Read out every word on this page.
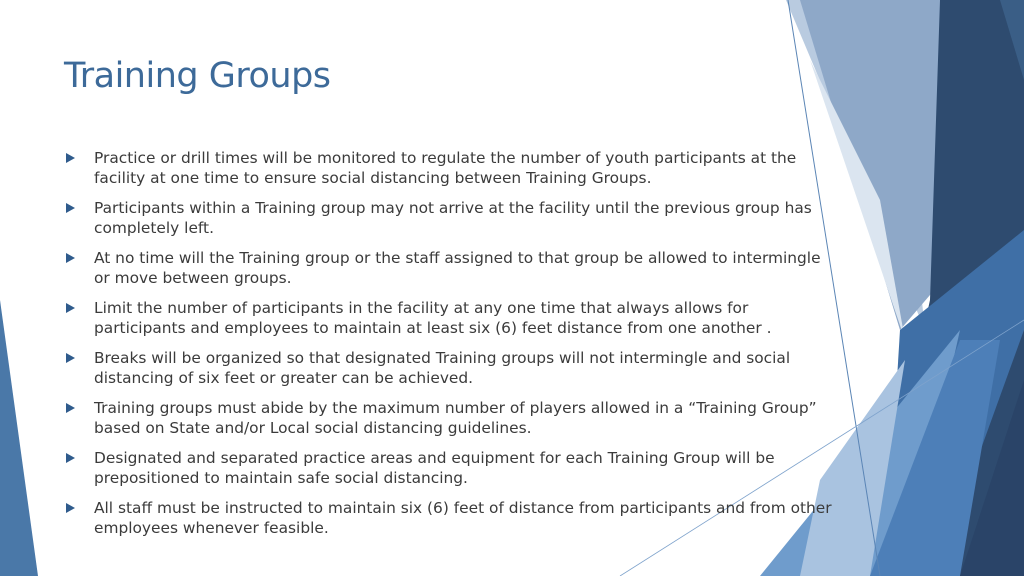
Training Groups
Practice or drill times will be monitored to regulate the number of youth participants at the facility at one time to ensure social distancing between Training Groups.
Participants within a Training group may not arrive at the facility until the previous group has completely left.
At no time will the Training group or the staff assigned to that group be allowed to intermingle or move between groups.
Limit the number of participants in the facility at any one time that always allows for participants and employees to maintain at least six (6) feet distance from one another .
Breaks will be organized so that designated Training groups will not intermingle and social distancing of six feet or greater can be achieved.
Training groups must abide by the maximum number of players allowed in a “Training Group” based on State and/or Local social distancing guidelines.
Designated and separated practice areas and equipment for each Training Group will be prepositioned to maintain safe social distancing.
All staff must be instructed to maintain six (6) feet of distance from participants and from other employees whenever feasible.
